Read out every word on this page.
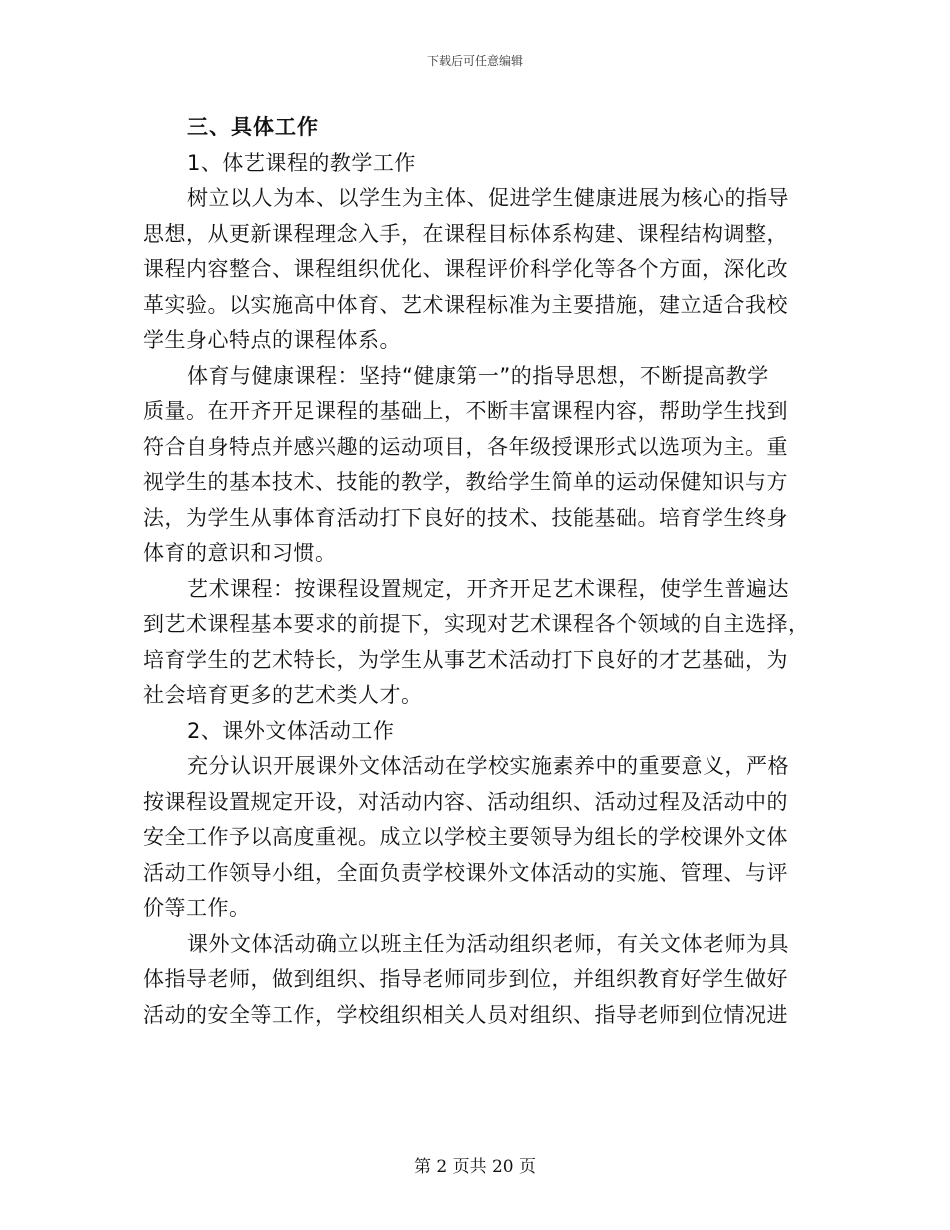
下载后可任意编辑
三、具体工作
1、体艺课程的教学工作
树立以人为本、以学生为主体、促进学生健康进展为核心的指导
思想，从更新课程理念入手，在课程目标体系构建、课程结构调整，
课程内容整合、课程组织优化、课程评价科学化等各个方面，深化改
革实验。以实施高中体育、艺术课程标准为主要措施，建立适合我校
学生身心特点的课程体系。
体育与健康课程：坚持“健康第一”的指导思想，不断提高教学
质量。在开齐开足课程的基础上，不断丰富课程内容，帮助学生找到
符合自身特点并感兴趣的运动项目，各年级授课形式以选项为主。重
视学生的基本技术、技能的教学，教给学生简单的运动保健知识与方
法，为学生从事体育活动打下良好的技术、技能基础。培育学生终身
体育的意识和习惯。
艺术课程：按课程设置规定，开齐开足艺术课程，使学生普遍达
到艺术课程基本要求的前提下，实现对艺术课程各个领域的自主选择，
培育学生的艺术特长，为学生从事艺术活动打下良好的才艺基础，为
社会培育更多的艺术类人才。
2、课外文体活动工作
充分认识开展课外文体活动在学校实施素养中的重要意义，严格
按课程设置规定开设，对活动内容、活动组织、活动过程及活动中的
安全工作予以高度重视。成立以学校主要领导为组长的学校课外文体
活动工作领导小组，全面负责学校课外文体活动的实施、管理、与评
价等工作。
课外文体活动确立以班主任为活动组织老师，有关文体老师为具
体指导老师，做到组织、指导老师同步到位，并组织教育好学生做好
活动的安全等工作，学校组织相关人员对组织、指导老师到位情况进
第 2 页共 20 页
